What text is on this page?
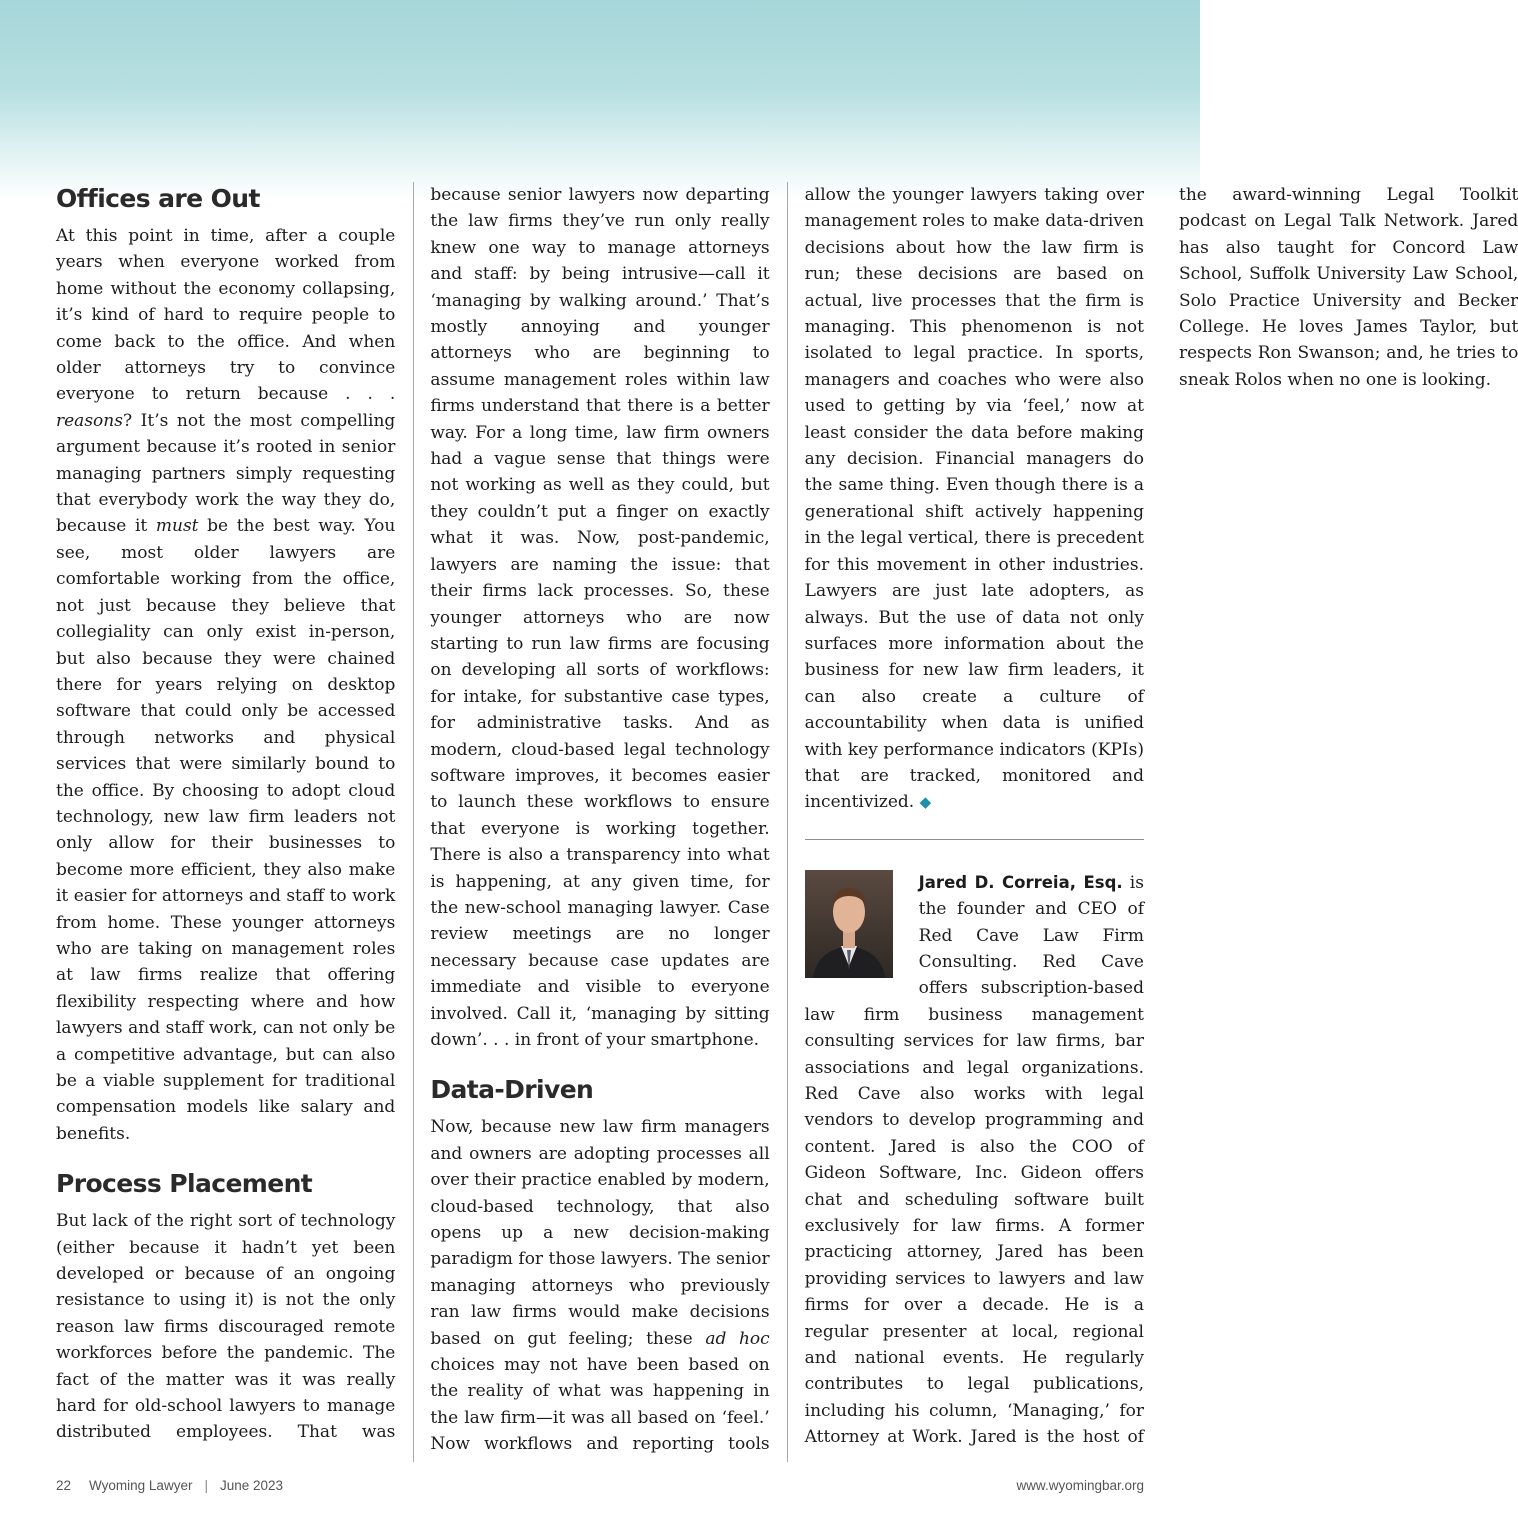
Offices are Out

At this point in time, after a couple years when everyone worked from home without the economy collapsing, it’s kind of hard to require people to come back to the office. And when older attorneys try to convince everyone to return because . . . reasons? It’s not the most compelling argument because it’s rooted in senior managing partners simply requesting that everybody work the way they do, because it must be the best way. You see, most older lawyers are comfortable working from the office, not just because they believe that collegiality can only exist in-person, but also because they were chained there for years relying on desktop software that could only be accessed through networks and physical services that were similarly bound to the office. By choosing to adopt cloud technology, new law firm leaders not only allow for their businesses to become more efficient, they also make it easier for attorneys and staff to work from home. These younger attorneys who are taking on management roles at law firms realize that offering flexibility respecting where and how lawyers and staff work, can not only be a competitive advantage, but can also be a viable supplement for traditional compensation models like salary and benefits.

Process Placement

But lack of the right sort of technology (either because it hadn’t yet been developed or because of an ongoing resistance to using it) is not the only reason law firms discouraged remote workforces before the pandemic. The fact of the matter was it was really hard for old-school lawyers to manage distributed employees. That was because senior lawyers now departing the law firms they’ve run only really knew one way to manage attorneys and staff: by being intrusive—call it ‘managing by walking around.’ That’s mostly annoying and younger attorneys who are beginning to assume management roles within law firms understand that there is a better way. For a long time, law firm owners had a vague sense that things were not working as well as they could, but they couldn’t put a finger on exactly what it was. Now, post-pandemic, lawyers are naming the issue: that their firms lack processes. So, these younger attorneys who are now starting to run law firms are focusing on developing all sorts of workflows: for intake, for substantive case types, for administrative tasks. And as modern, cloud-based legal technology software improves, it becomes easier to launch these workflows to ensure that everyone is working together. There is also a transparency into what is happening, at any given time, for the new-school managing lawyer. Case review meetings are no longer necessary because case updates are immediate and visible to everyone involved. Call it, ‘managing by sitting down’. . . in front of your smartphone.

Data-Driven

Now, because new law firm managers and owners are adopting processes all over their practice enabled by modern, cloud-based technology, that also opens up a new decision-making paradigm for those lawyers. The senior managing attorneys who previously ran law firms would make decisions based on gut feeling; these ad hoc choices may not have been based on the reality of what was happening in the law firm—it was all based on ‘feel.’ Now workflows and reporting tools allow the younger lawyers taking over management roles to make data-driven decisions about how the law firm is run; these decisions are based on actual, live processes that the firm is managing. This phenomenon is not isolated to legal practice. In sports, managers and coaches who were also used to getting by via ‘feel,’ now at least consider the data before making any decision. Financial managers do the same thing. Even though there is a generational shift actively happening in the legal vertical, there is precedent for this movement in other industries. Lawyers are just late adopters, as always. But the use of data not only surfaces more information about the business for new law firm leaders, it can also create a culture of accountability when data is unified with key performance indicators (KPIs) that are tracked, monitored and incentivized. ◆

Jared D. Correia, Esq. is the founder and CEO of Red Cave Law Firm Consulting. Red Cave offers subscription-based law firm business management consulting services for law firms, bar associations and legal organizations. Red Cave also works with legal vendors to develop programming and content. Jared is also the COO of Gideon Software, Inc. Gideon offers chat and scheduling software built exclusively for law firms. A former practicing attorney, Jared has been providing services to lawyers and law firms for over a decade. He is a regular presenter at local, regional and national events. He regularly contributes to legal publications, including his column, ‘Managing,’ for Attorney at Work. Jared is the host of the award-winning Legal Toolkit podcast on Legal Talk Network. Jared has also taught for Concord Law School, Suffolk University Law School, Solo Practice University and Becker College. He loves James Taylor, but respects Ron Swanson; and, he tries to sneak Rolos when no one is looking.
22 Wyoming Lawyer | June 2023	www.wyomingbar.org
